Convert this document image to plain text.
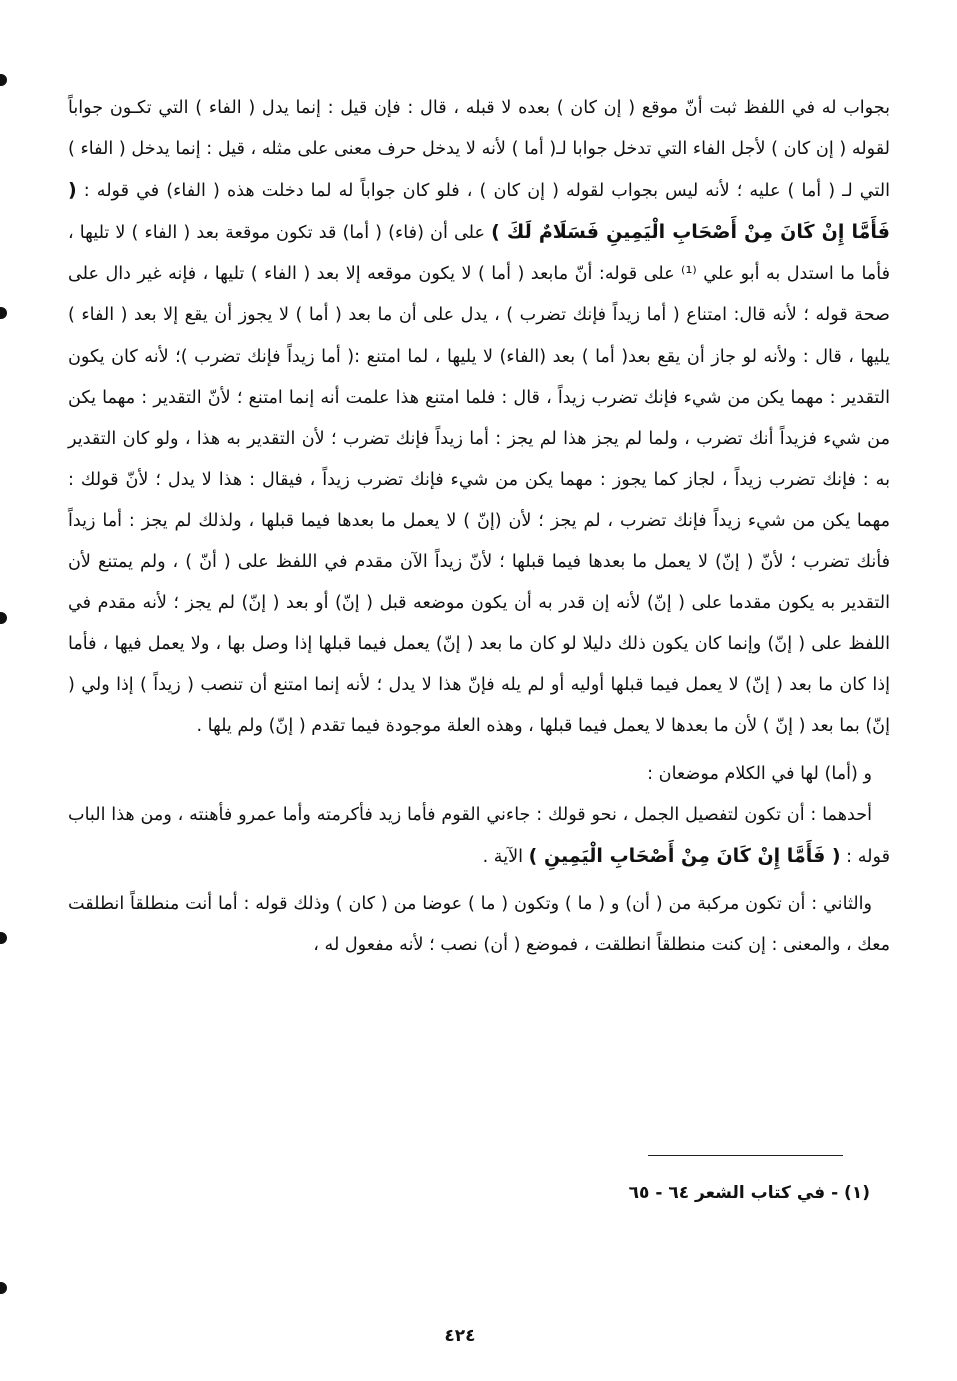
بجواب له في اللفظ ثبت أنّ موقع ( إن كان ) بعده لا قبله ، قال : فإن قيل : إنما يدل ( الفاء ) التي تكـون جواباً لقوله ( إن كان ) لأجل الفاء التي تدخل جوابا لـ( أما ) لأنه لا يدخل حرف معنى على مثله ، قيل : إنما يدخل ( الفاء ) التي لـ ( أما ) عليه ؛ لأنه ليس بجواب لقوله ( إن كان ) ، فلو كان جواباً له لما دخلت هذه ( الفاء) في قوله : ( فَأَمَّا إِنْ كَانَ مِنْ أَصْحَابِ الْيَمِينِ فَسَلَامٌ لَكَ ) على أن (فاء) ( أما) قد تكون موقعة بعد ( الفاء ) لا تليها ، فأما ما استدل به أبو علي ⁽¹⁾ على قوله: أنّ مابعد ( أما ) لا يكون موقعه إلا بعد ( الفاء ) تليها ، فإنه غير دال على صحة قوله ؛ لأنه قال: امتناع ( أما زيداً فإنك تضرب ) ، يدل على أن ما بعد ( أما ) لا يجوز أن يقع إلا بعد ( الفاء ) يليها ، قال : ولأنه لو جاز أن يقع بعد( أما ) بعد (الفاء) لا يليها ، لما امتنع :( أما زيداً فإنك تضرب )؛ لأنه كان يكون التقدير : مهما يكن من شيء فإنك تضرب زيداً ، قال : فلما امتنع هذا علمت أنه إنما امتنع ؛ لأنّ التقدير : مهما يكن من شيء فزيداً أنك تضرب ، ولما لم يجز هذا لم يجز : أما زيداً فإنك تضرب ؛ لأن التقدير به هذا ، ولو كان التقدير به : فإنك تضرب زيداً ، لجاز كما يجوز : مهما يكن من شيء فإنك تضرب زيداً ، فيقال : هذا لا يدل ؛ لأنّ قولك : مهما يكن من شيء زيداً فإنك تضرب ، لم يجز ؛ لأن (إنّ ) لا يعمل ما بعدها فيما قبلها ، ولذلك لم يجز : أما زيداً فأنك تضرب ؛ لأنّ ( إنّ) لا يعمل ما بعدها فيما قبلها ؛ لأنّ زيداً الآن مقدم في اللفظ على ( أنّ ) ، ولم يمتنع لأن التقدير به يكون مقدما على ( إنّ) لأنه إن قدر به أن يكون موضعه قبل ( إنّ) أو بعد ( إنّ) لم يجز ؛ لأنه مقدم في اللفظ على ( إنّ) وإنما كان يكون ذلك دليلا لو كان ما بعد ( إنّ) يعمل فيما قبلها إذا وصل بها ، ولا يعمل فيها ، فأما إذا كان ما بعد ( إنّ) لا يعمل فيما قبلها أوليه أو لم يله فإنّ هذا لا يدل ؛ لأنه إنما امتنع أن تنصب ( زيداً ) إذا ولي ( إنّ) بما بعد ( إنّ ) لأن ما بعدها لا يعمل فيما قبلها ، وهذه العلة موجودة فيما تقدم ( إنّ) ولم يلها .

و (أما) لها في الكلام موضعان :

أحدهما : أن تكون لتفصيل الجمل ، نحو قولك : جاءني القوم فأما زيد فأكرمته وأما عمرو فأهنته ، ومن هذا الباب قوله : ( فَأَمَّا إِنْ كَانَ مِنْ أَصْحَابِ الْيَمِينِ ) الآية .

والثاني : أن تكون مركبة من ( أن) و ( ما ) وتكون ( ما ) عوضا من ( كان ) وذلك قوله : أما أنت منطلقاً انطلقت معك ، والمعنى : إن كنت منطلقاً انطلقت ، فموضع ( أن) نصب ؛ لأنه مفعول له ،

(١) - في كتاب الشعر ٦٤ - ٦٥
٤٢٤
